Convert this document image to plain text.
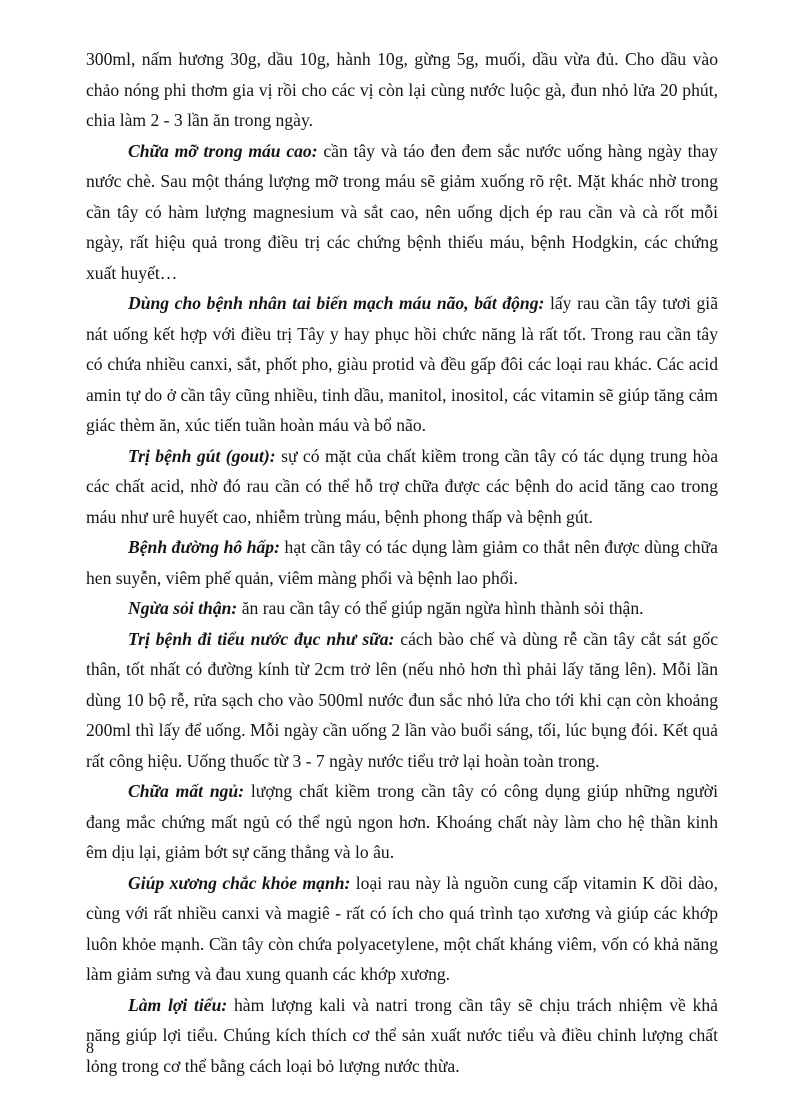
300ml, nấm hương 30g, dầu 10g, hành 10g, gừng 5g, muối, dầu vừa đủ. Cho dầu vào chảo nóng phi thơm gia vị rồi cho các vị còn lại cùng nước luộc gà, đun nhỏ lửa 20 phút, chia làm 2 - 3 lần ăn trong ngày.

Chữa mỡ trong máu cao: cần tây và táo đen đem sắc nước uống hàng ngày thay nước chè. Sau một tháng lượng mỡ trong máu sẽ giảm xuống rõ rệt. Mặt khác nhờ trong cần tây có hàm lượng magnesium và sắt cao, nên uống dịch ép rau cần và cà rốt mỗi ngày, rất hiệu quả trong điều trị các chứng bệnh thiếu máu, bệnh Hodgkin, các chứng xuất huyết…

Dùng cho bệnh nhân tai biến mạch máu não, bất động: lấy rau cần tây tươi giã nát uống kết hợp với điều trị Tây y hay phục hồi chức năng là rất tốt. Trong rau cần tây có chứa nhiều canxi, sắt, phốt pho, giàu protid và đều gấp đôi các loại rau khác. Các acid amin tự do ở cần tây cũng nhiều, tinh dầu, manitol, inositol, các vitamin sẽ giúp tăng cảm giác thèm ăn, xúc tiến tuần hoàn máu và bổ não.

Trị bệnh gút (gout): sự có mặt của chất kiềm trong cần tây có tác dụng trung hòa các chất acid, nhờ đó rau cần có thể hỗ trợ chữa được các bệnh do acid tăng cao trong máu như urê huyết cao, nhiễm trùng máu, bệnh phong thấp và bệnh gút.

Bệnh đường hô hấp: hạt cần tây có tác dụng làm giảm co thắt nên được dùng chữa hen suyễn, viêm phế quản, viêm màng phổi và bệnh lao phổi.

Ngừa sỏi thận: ăn rau cần tây có thể giúp ngăn ngừa hình thành sỏi thận.

Trị bệnh đi tiểu nước đục như sữa: cách bào chế và dùng rễ cần tây cắt sát gốc thân, tốt nhất có đường kính từ 2cm trở lên (nếu nhỏ hơn thì phải lấy tăng lên). Mỗi lần dùng 10 bộ rễ, rửa sạch cho vào 500ml nước đun sắc nhỏ lửa cho tới khi cạn còn khoảng 200ml thì lấy để uống. Mỗi ngày cần uống 2 lần vào buổi sáng, tối, lúc bụng đói. Kết quả rất công hiệu. Uống thuốc từ 3 - 7 ngày nước tiểu trở lại hoàn toàn trong.

Chữa mất ngủ: lượng chất kiềm trong cần tây có công dụng giúp những người đang mắc chứng mất ngủ có thể ngủ ngon hơn. Khoáng chất này làm cho hệ thần kinh êm dịu lại, giảm bớt sự căng thẳng và lo âu.

Giúp xương chắc khỏe mạnh: loại rau này là nguồn cung cấp vitamin K dồi dào, cùng với rất nhiều canxi và magiê - rất có ích cho quá trình tạo xương và giúp các khớp luôn khỏe mạnh. Cần tây còn chứa polyacetylene, một chất kháng viêm, vốn có khả năng làm giảm sưng và đau xung quanh các khớp xương.

Làm lợi tiểu: hàm lượng kali và natri trong cần tây sẽ chịu trách nhiệm về khả năng giúp lợi tiểu. Chúng kích thích cơ thể sản xuất nước tiểu và điều chỉnh lượng chất lỏng trong cơ thể bằng cách loại bỏ lượng nước thừa.

8
